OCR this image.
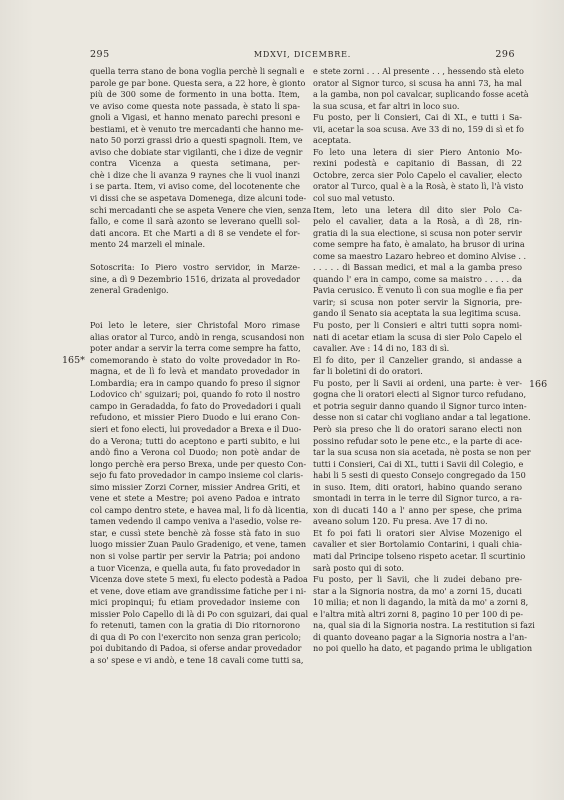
295	MDXVI, DICEMBRE.	296
165*
166
quella terra stano de bona voglia perchè li segnali e
parole ge par bone. Questa sera, a 22 hore, è gionto
più de 300 some de formento in una botta. Item,
ve aviso come questa note passada, è stato li spa-
gnoli a Vigasi, et hanno menato parechi presoni e
bestiami, et è venuto tre mercadanti che hanno me-
nato 50 porzi grassi drio a questi spagnoli. Item, ve
aviso che dobiate star vigilanti, che i dize de vegnir
contra Vicenza a questa setimana, per-
chè i dize che li avanza 9 raynes che li vuol inanzi
i se parta. Item, vi aviso come, del locotenente che
vi dissi che se aspetava Domenega, dize alcuni tode-
schi mercadanti che se aspeta Venere che vien, senza
fallo, e come il sarà azonto se leverano quelli sol-
dati ancora. Et che Marti a di 8 se vendete el for-
mento 24 marzeli el minale.
Sotoscrita: Io Piero vostro servidor, in Marze-
sine, a dì 9 Dezembrio 1516, drizata al provedador
zeneral Gradenigo.
Poi leto le letere, sier Christofal Moro rimase
alias orator al Turco, andò in renga, scusandosi non
poter andar a servir la terra come sempre ha fatto,
comemorando è stato do volte provedador in Ro-
magna, et de lì fo levà et mandato provedador in
Lombardia; era in campo quando fo preso il signor
Lodovico ch' sguizari; poi, quando fo roto il nostro
campo in Geradadda, fo fato do Provedadori i quali
refudono, et missier Piero Duodo e lui erano Con-
sieri et fono electi, lui provedador a Brexa e il Duo-
do a Verona; tutti do aceptono e parti subito, e lui
andò fino a Verona col Duodo; non potè andar de
longo perchè era perso Brexa, unde per questo Con-
sejo fu fato provedador in campo insieme col claris-
simo missier Zorzi Corner, missier Andrea Griti, et
vene et stete a Mestre; poi aveno Padoa e intrato
col campo dentro stete, e havea mal, li fo dà licentia,
tamen vedendo il campo veniva a l'asedio, volse re-
star, e cussì stete benchè zà fosse stà fato in suo
luogo missier Zuan Paulo Gradenigo, et vene, tamen
non si volse partir per servir la Patria; poi andono
a tuor Vicenza, e quella auta, fu fato provedador in
Vicenza dove stete 5 mexi, fu electo podestà a Padoa
et vene, dove etiam ave grandissime fatiche per i ni-
mici propinqui; fu etiam provedador insieme con
missier Polo Capello di là di Po con sguizari, dai qual
fo retenuti, tamen con la gratia di Dio ritornorono
di qua di Po con l'exercito non senza gran pericolo;
poi dubitando di Padoa, si oferse andar provedador
a so' spese e vi andò, e tene 18 cavali come tutti sa,
e stete zorni . . . Al presente . . , hessendo stà eleto
orator al Signor turco, si scusa ha anni 73, ha mal
a la gamba, non pol cavalcar, suplicando fosse acetà
la sua scusa, et far altri in loco suo.
Fu posto, per li Consieri, Cai di XL, e tutti i Sa-
vii, acetar la soa scusa. Ave 33 di no, 159 di sì et fo
aceptata.
Fo leto una letera di sier Piero Antonio Mo-
rexini podestà e capitanio di Bassan, di 22
Octobre, zerca sier Polo Capelo el cavalier, electo
orator al Turco, qual è a la Rosà, è stato lì, l'à visto
col suo mal vetusto.
Item, leto una letera dil dito sier Polo Ca-
pelo el cavalier, data a la Rosà, a dì 28, rin-
gratia di la sua electione, si scusa non poter servir
come sempre ha fato, è amalato, ha brusor di urina
come sa maestro Lazaro hebreo et domino Alvise . .
. . . . . di Bassan medici, et mal a la gamba preso
quando l' era in campo, come sa maistro . . . . . da
Pavia cerusico. È venuto lì con sua moglie e fia per
varir; si scusa non poter servir la Signoria, pre-
gando il Senato sia aceptata la sua legitima scusa.
Fu posto, per li Consieri e altri tutti sopra nomi-
nati di acetar etiam la scusa di sier Polo Capelo el
cavalier. Ave : 14 di no, 183 di sì.
El fo dito, per il Canzelier grando, si andasse a
far li boletini di do oratori.
Fu posto, per li Savii ai ordeni, una parte: è ver-
gogna che li oratori electi al Signor turco refudano,
et potria seguir danno quando il Signor turco inten-
desse non si catar chi vogliano andar a tal legatione.
Però sia preso che li do oratori sarano electi non
possino refudar soto le pene etc., e la parte di ace-
tar la sua scusa non sia acetada, nè posta se non per
tutti i Consieri, Cai di XL, tutti i Savii dil Colegio, e
habi li 5 sesti di questo Consejo congregado da 150
in suso. Item, diti oratori, habino quando serano
smontadi in terra in le terre dil Signor turco, a ra-
xon di ducati 140 a l' anno per spese, che prima
aveano solum 120. Fu presa. Ave 17 di no.
Et fo poi fati li oratori sier Alvise Mozenigo el
cavalier et sier Bortolamio Contarini, i quali chia-
mati dal Principe tolseno rispeto acetar. Il scurtinio
sarà posto qui di soto.
Fu posto, per li Savii, che li zudei debano pre-
star a la Signoria nostra, da mo' a zorni 15, ducati
10 milia; et non li dagando, la mità da mo' a zorni 8,
e l'altra mità altri zorni 8, pagino 10 per 100 di pe-
na, qual sia di la Signoria nostra. La restitution si fazi
di quanto doveano pagar a la Signoria nostra a l'an-
no poi quello ha dato, et pagando prima le ubligation
